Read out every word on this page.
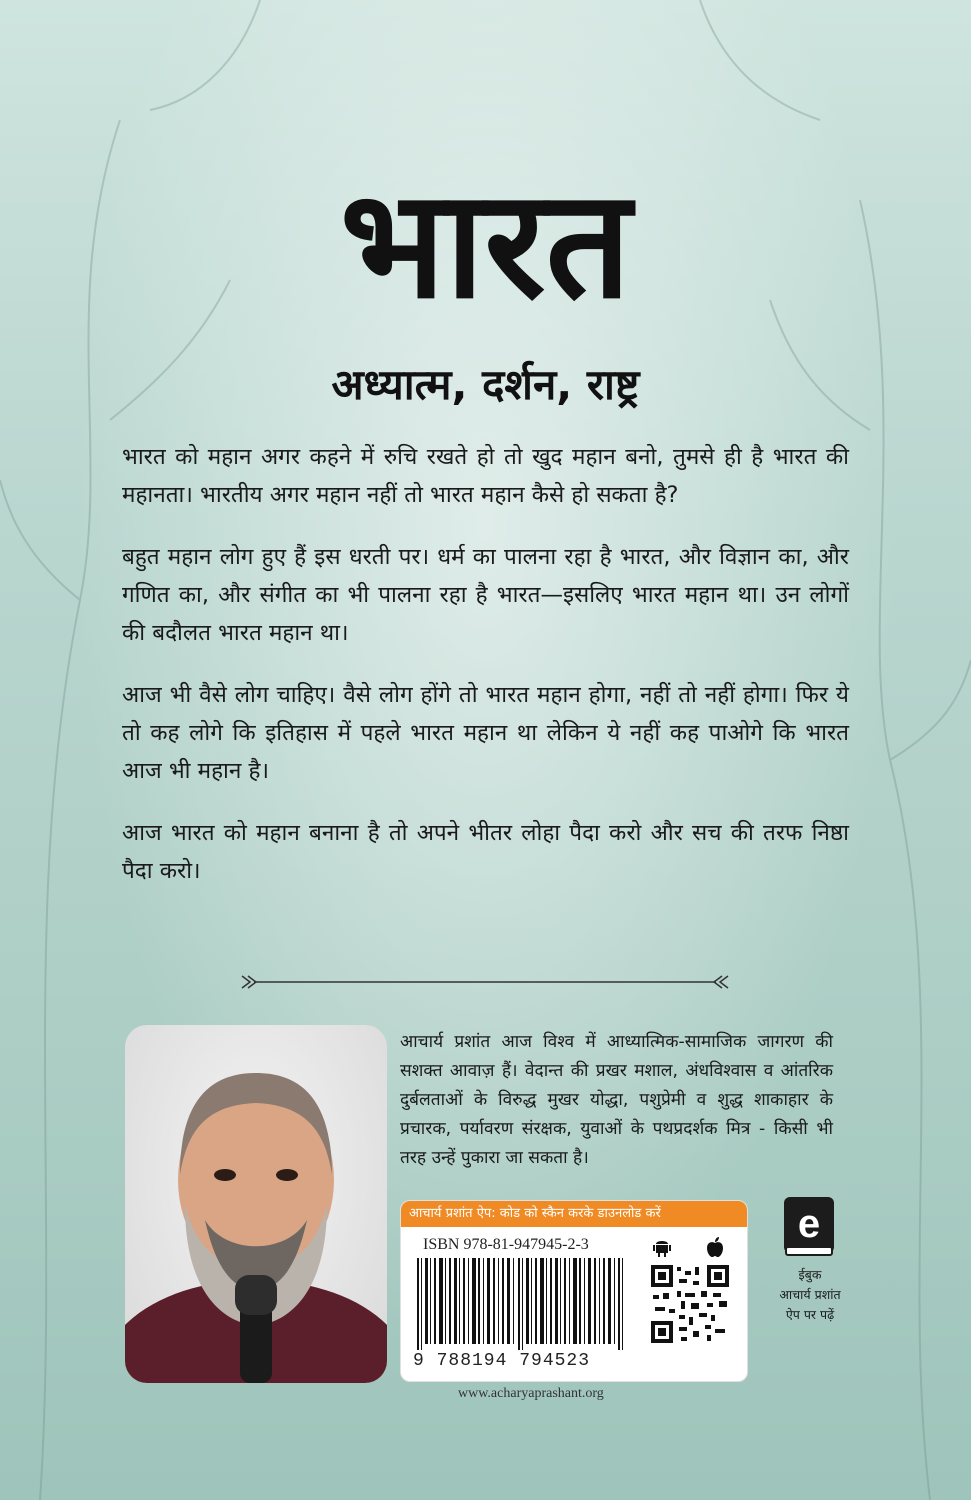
भारत
अध्यात्म, दर्शन, राष्ट्र

भारत को महान अगर कहने में रुचि रखते हो तो खुद महान बनो, तुमसे ही है भारत की महानता। भारतीय अगर महान नहीं तो भारत महान कैसे हो सकता है?

बहुत महान लोग हुए हैं इस धरती पर। धर्म का पालना रहा है भारत, और विज्ञान का, और गणित का, और संगीत का भी पालना रहा है भारत—इसलिए भारत महान था। उन लोगों की बदौलत भारत महान था।

आज भी वैसे लोग चाहिए। वैसे लोग होंगे तो भारत महान होगा, नहीं तो नहीं होगा। फिर ये तो कह लोगे कि इतिहास में पहले भारत महान था लेकिन ये नहीं कह पाओगे कि भारत आज भी महान है।

आज भारत को महान बनाना है तो अपने भीतर लोहा पैदा करो और सच की तरफ निष्ठा पैदा करो।

आचार्य प्रशांत आज विश्व में आध्यात्मिक-सामाजिक जागरण की सशक्त आवाज़ हैं। वेदान्त की प्रखर मशाल, अंधविश्वास व आंतरिक दुर्बलताओं के विरुद्ध मुखर योद्धा, पशुप्रेमी व शुद्ध शाकाहार के प्रचारक, पर्यावरण संरक्षक, युवाओं के पथप्रदर्शक मित्र - किसी भी तरह उन्हें पुकारा जा सकता है।
आचार्य प्रशांत ऐप: कोड को स्कैन करके डाउनलोड करें
ISBN 978-81-947945-2-3
9 788194 794523
e
ईबुक
आचार्य प्रशांत
ऐप पर पढ़ें
www.acharyaprashant.org
